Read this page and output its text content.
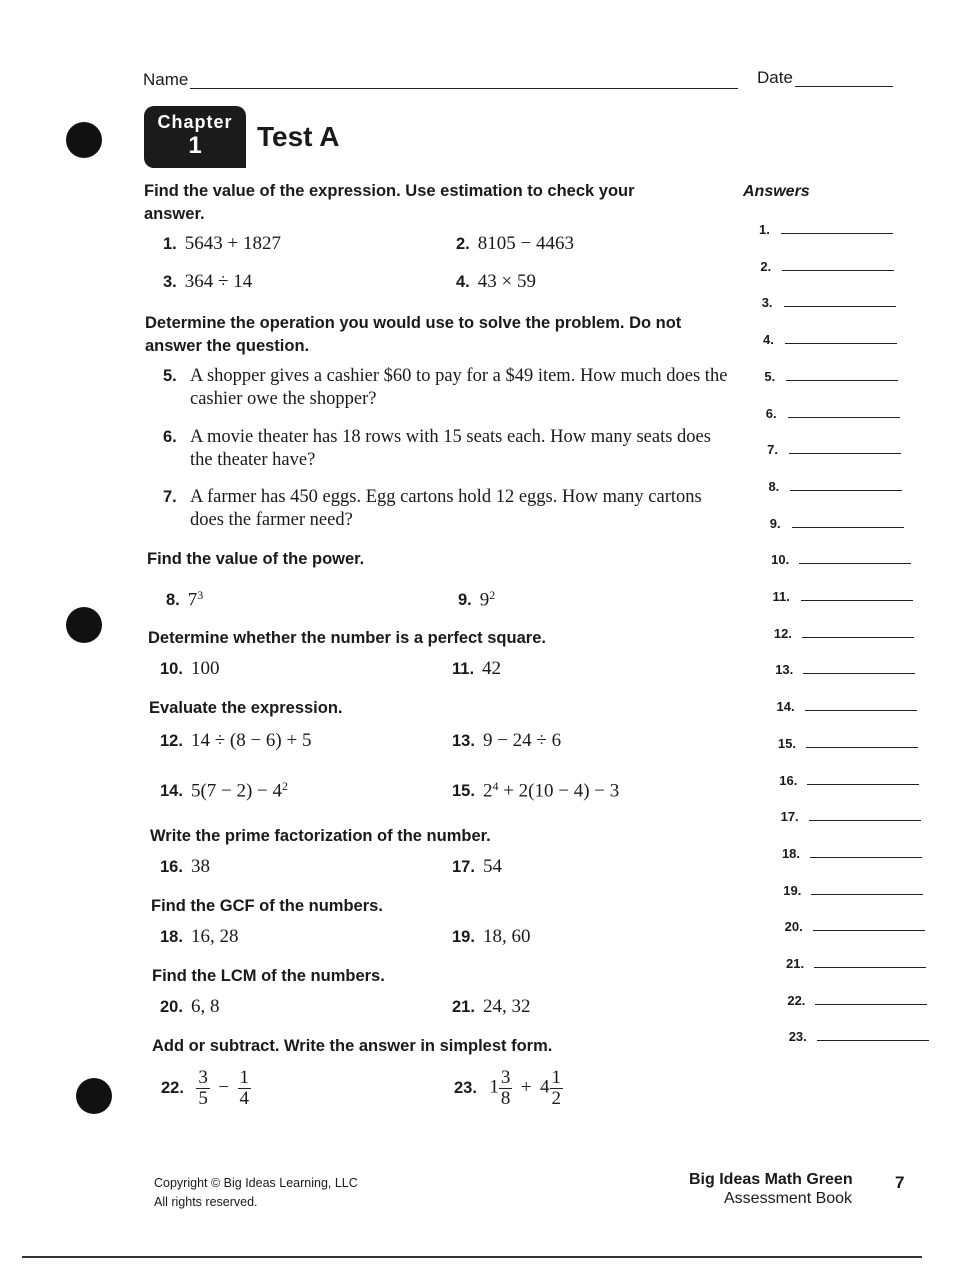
Name	Date
Chapter
1	Test A
Answers
Find the value of the expression. Use estimation to check your answer.
1. 5643 + 1827	2. 8105 − 4463
3. 364 ÷ 14	4. 43 × 59
Determine the operation you would use to solve the problem. Do not answer the question.
5. A shopper gives a cashier $60 to pay for a $49 item. How much does the cashier owe the shopper?
6. A movie theater has 18 rows with 15 seats each. How many seats does the theater have?
7. A farmer has 450 eggs. Egg cartons hold 12 eggs. How many cartons does the farmer need?
Find the value of the power.
8. $7^3$	9. $9^2$
Determine whether the number is a perfect square.
10. 100	11. 42
Evaluate the expression.
12. 14 ÷ (8 − 6) + 5	13. 9 − 24 ÷ 6
14. $5(7 - 2) - 4^2$	15. $2^4 + 2(10 - 4) - 3$
Write the prime factorization of the number.
16. 38	17. 54
Find the GCF of the numbers.
18. 16, 28	19. 18, 60
Find the LCM of the numbers.
20. 6, 8	21. 24, 32
Add or subtract. Write the answer in simplest form.
22. $\frac{3}{5} - \frac{1}{4}$	23. $1 \frac{3}{8} + 4 \frac{1}{2}$
1.
2.
3.
4.
5.
6.
7.
8.
9.
10.
11.
12.
13.
14.
15.
16.
17.
18.
19.
20.
21.
22.
23.
Copyright © Big Ideas Learning, LLC
All rights reserved.
Big Ideas Math Green
Assessment Book
7
